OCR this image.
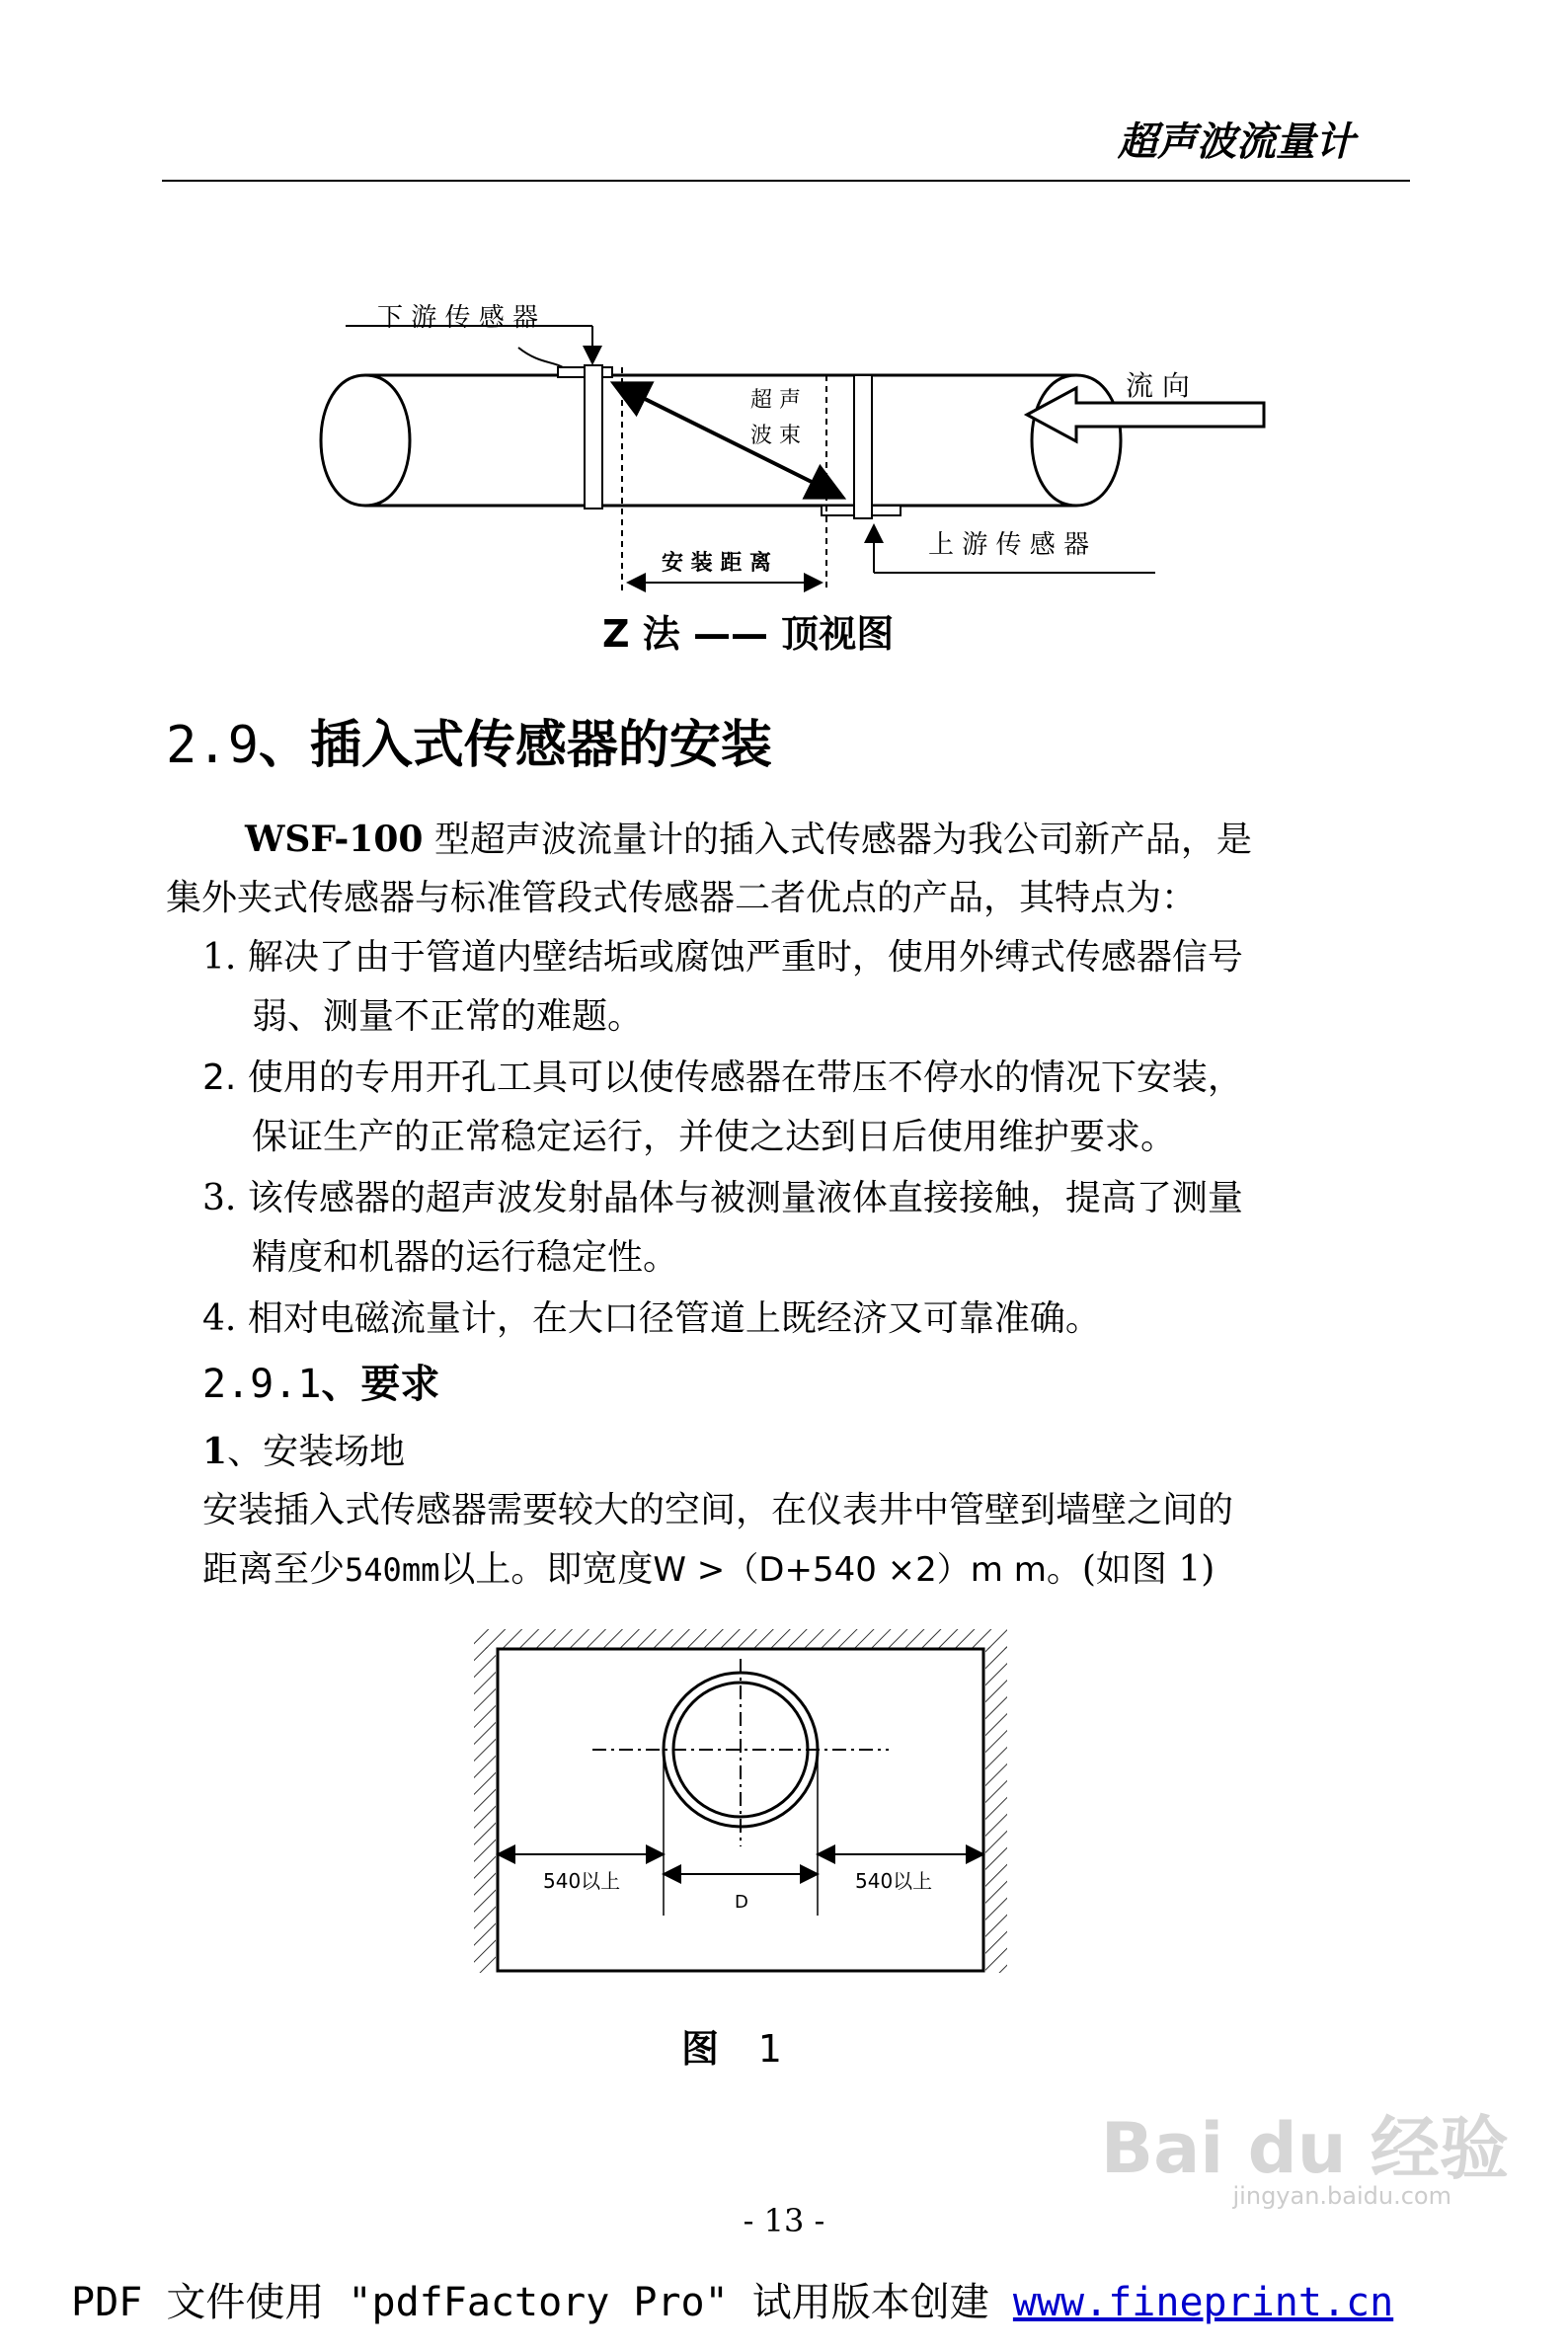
超声波流量计
下 游 传 感 器
上 游 传 感 器
超 声
波 束
流 向
安 装 距 离
Z 法 —— 顶视图
2.9、插入式传感器的安装
WSF-100 型超声波流量计的插入式传感器为我公司新产品，是
集外夹式传感器与标准管段式传感器二者优点的产品，其特点为：
1. 解决了由于管道内壁结垢或腐蚀严重时，使用外缚式传感器信号
弱、测量不正常的难题。
2. 使用的专用开孔工具可以使传感器在带压不停水的情况下安装，
保证生产的正常稳定运行，并使之达到日后使用维护要求。
3. 该传感器的超声波发射晶体与被测量液体直接接触，提高了测量
精度和机器的运行稳定性。
4. 相对电磁流量计，在大口径管道上既经济又可靠准确。
2.9.1、要求
1、安装场地
安装插入式传感器需要较大的空间，在仪表井中管壁到墙壁之间的
距离至少540mm以上。即宽度W >（D+540 ×2）m m。(如图 1)
540以上	540以上
D
图 1
Bai du 经验
jingyan.baidu.com
- 13 -
PDF 文件使用 "pdfFactory Pro" 试用版本创建 www.fineprint.cn
